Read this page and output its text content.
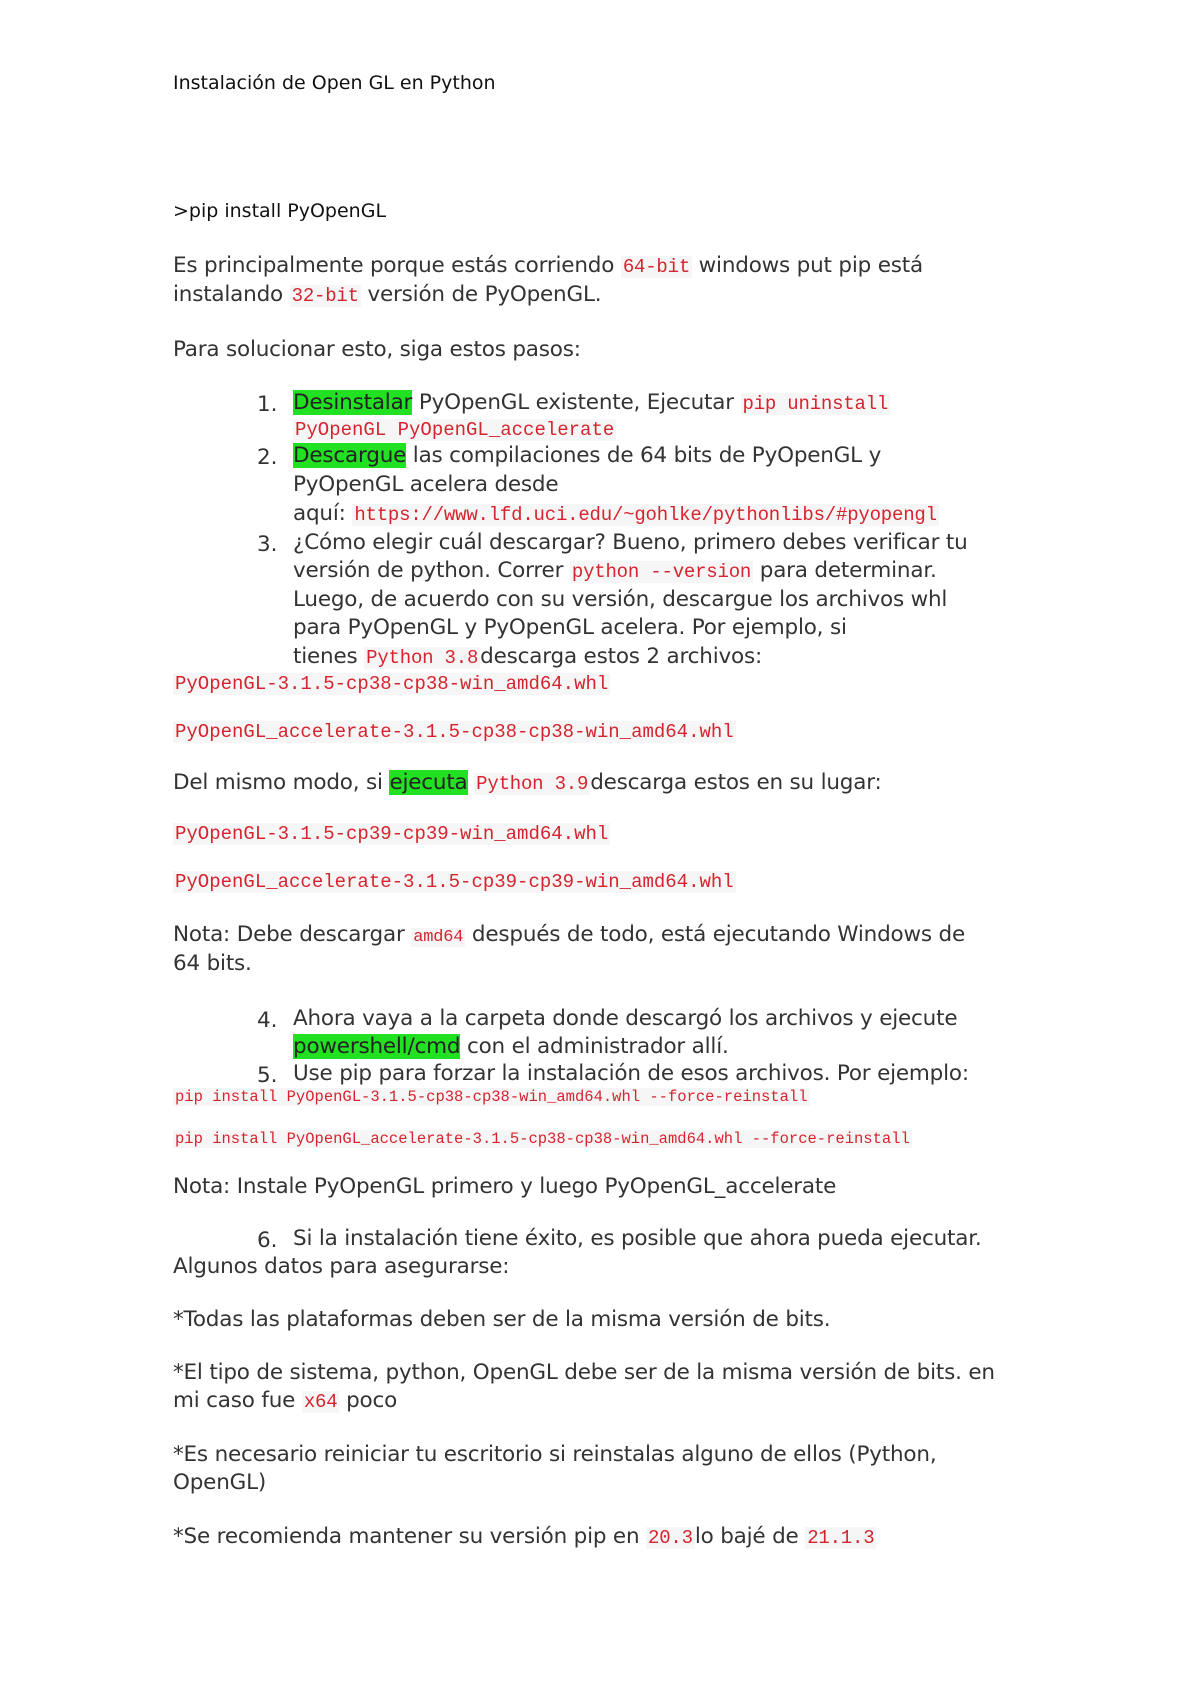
Instalación de Open GL en Python
>pip install PyOpenGL
Es principalmente porque estás corriendo 64-bit windows put pip está
instalando 32-bit versión de PyOpenGL.
Para solucionar esto, siga estos pasos:
1. Desinstalar PyOpenGL existente, Ejecutar pip uninstall
PyOpenGL PyOpenGL_accelerate
2. Descargue las compilaciones de 64 bits de PyOpenGL y
PyOpenGL acelera desde
aquí: https://www.lfd.uci.edu/~gohlke/pythonlibs/#pyopengl
3. ¿Cómo elegir cuál descargar? Bueno, primero debes verificar tu
versión de python. Correr python --version para determinar.
Luego, de acuerdo con su versión, descargue los archivos whl
para PyOpenGL y PyOpenGL acelera. Por ejemplo, si
tienes Python 3.8descarga estos 2 archivos:
PyOpenGL-3.1.5-cp38-cp38-win_amd64.whl
PyOpenGL_accelerate-3.1.5-cp38-cp38-win_amd64.whl
Del mismo modo, si ejecuta Python 3.9descarga estos en su lugar:
PyOpenGL-3.1.5-cp39-cp39-win_amd64.whl
PyOpenGL_accelerate-3.1.5-cp39-cp39-win_amd64.whl
Nota: Debe descargar amd64 después de todo, está ejecutando Windows de
64 bits.
4. Ahora vaya a la carpeta donde descargó los archivos y ejecute
powershell/cmd con el administrador allí.
5. Use pip para forzar la instalación de esos archivos. Por ejemplo:
pip install PyOpenGL-3.1.5-cp38-cp38-win_amd64.whl --force-reinstall
pip install PyOpenGL_accelerate-3.1.5-cp38-cp38-win_amd64.whl --force-reinstall
Nota: Instale PyOpenGL primero y luego PyOpenGL_accelerate
6. Si la instalación tiene éxito, es posible que ahora pueda ejecutar.
Algunos datos para asegurarse:
*Todas las plataformas deben ser de la misma versión de bits.
*El tipo de sistema, python, OpenGL debe ser de la misma versión de bits. en
mi caso fue x64 poco
*Es necesario reiniciar tu escritorio si reinstalas alguno de ellos (Python,
OpenGL)
*Se recomienda mantener su versión pip en 20.3lo bajé de 21.1.3
